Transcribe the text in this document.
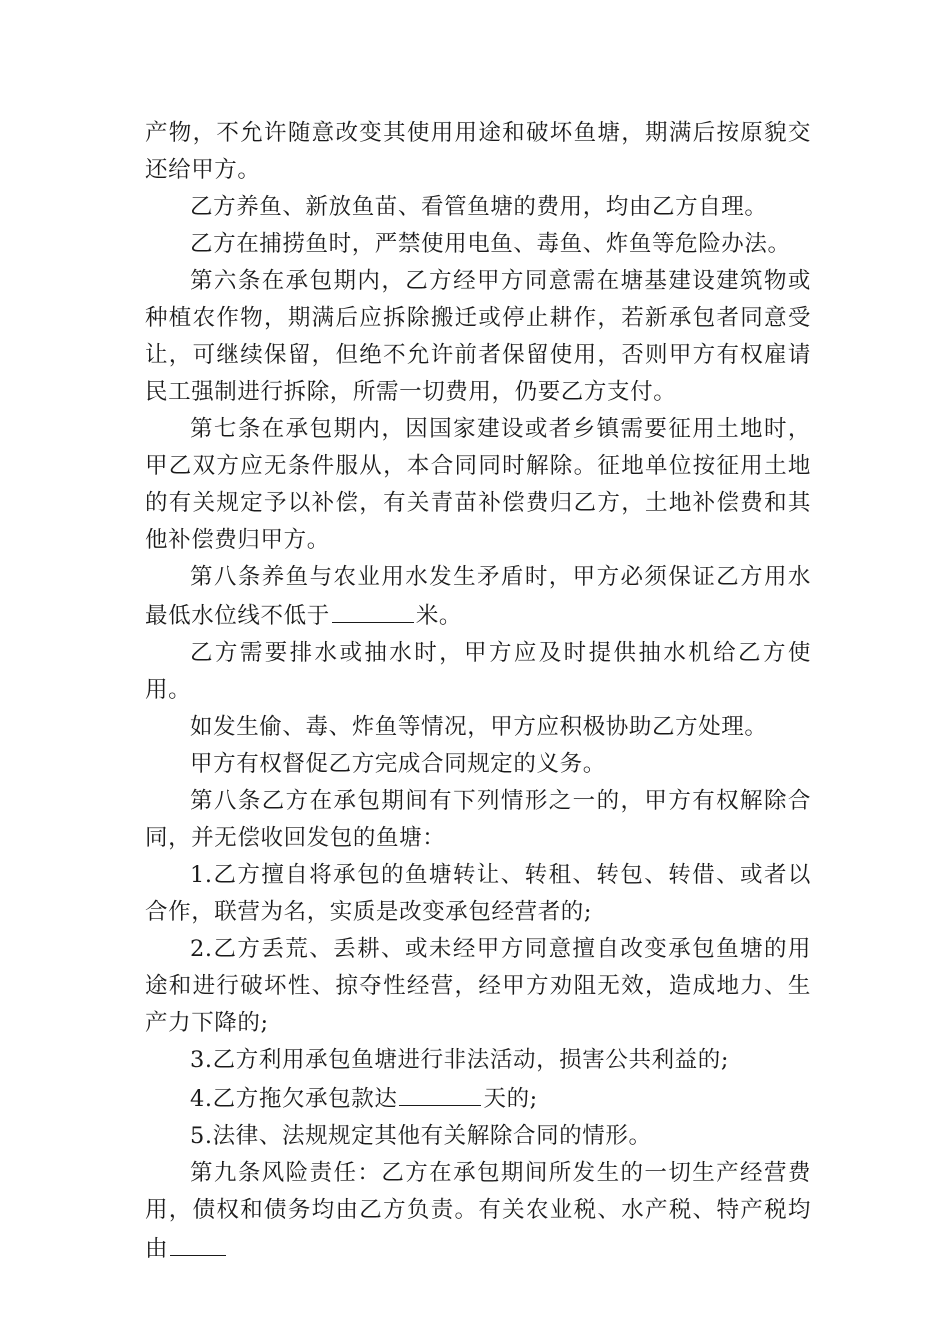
产物，不允许随意改变其使用用途和破坏鱼塘，期满后按原貌交还给甲方。

乙方养鱼、新放鱼苗、看管鱼塘的费用，均由乙方自理。

乙方在捕捞鱼时，严禁使用电鱼、毒鱼、炸鱼等危险办法。

第六条在承包期内，乙方经甲方同意需在塘基建设建筑物或种植农作物，期满后应拆除搬迁或停止耕作，若新承包者同意受让，可继续保留，但绝不允许前者保留使用，否则甲方有权雇请民工强制进行拆除，所需一切费用，仍要乙方支付。

第七条在承包期内，因国家建设或者乡镇需要征用土地时，甲乙双方应无条件服从，本合同同时解除。征地单位按征用土地的有关规定予以补偿，有关青苗补偿费归乙方，土地补偿费和其他补偿费归甲方。

第八条养鱼与农业用水发生矛盾时，甲方必须保证乙方用水最低水位线不低于	米。

乙方需要排水或抽水时，甲方应及时提供抽水机给乙方使用。

如发生偷、毒、炸鱼等情况，甲方应积极协助乙方处理。

甲方有权督促乙方完成合同规定的义务。

第八条乙方在承包期间有下列情形之一的，甲方有权解除合同，并无偿收回发包的鱼塘：

1.乙方擅自将承包的鱼塘转让、转租、转包、转借、或者以合作，联营为名，实质是改变承包经营者的;

2.乙方丢荒、丢耕、或未经甲方同意擅自改变承包鱼塘的用途和进行破坏性、掠夺性经营，经甲方劝阻无效，造成地力、生产力下降的;

3.乙方利用承包鱼塘进行非法活动，损害公共利益的;

4.乙方拖欠承包款达	天的;

5.法律、法规规定其他有关解除合同的情形。

第九条风险责任：乙方在承包期间所发生的一切生产经营费用，债权和债务均由乙方负责。有关农业税、水产税、特产税均由
